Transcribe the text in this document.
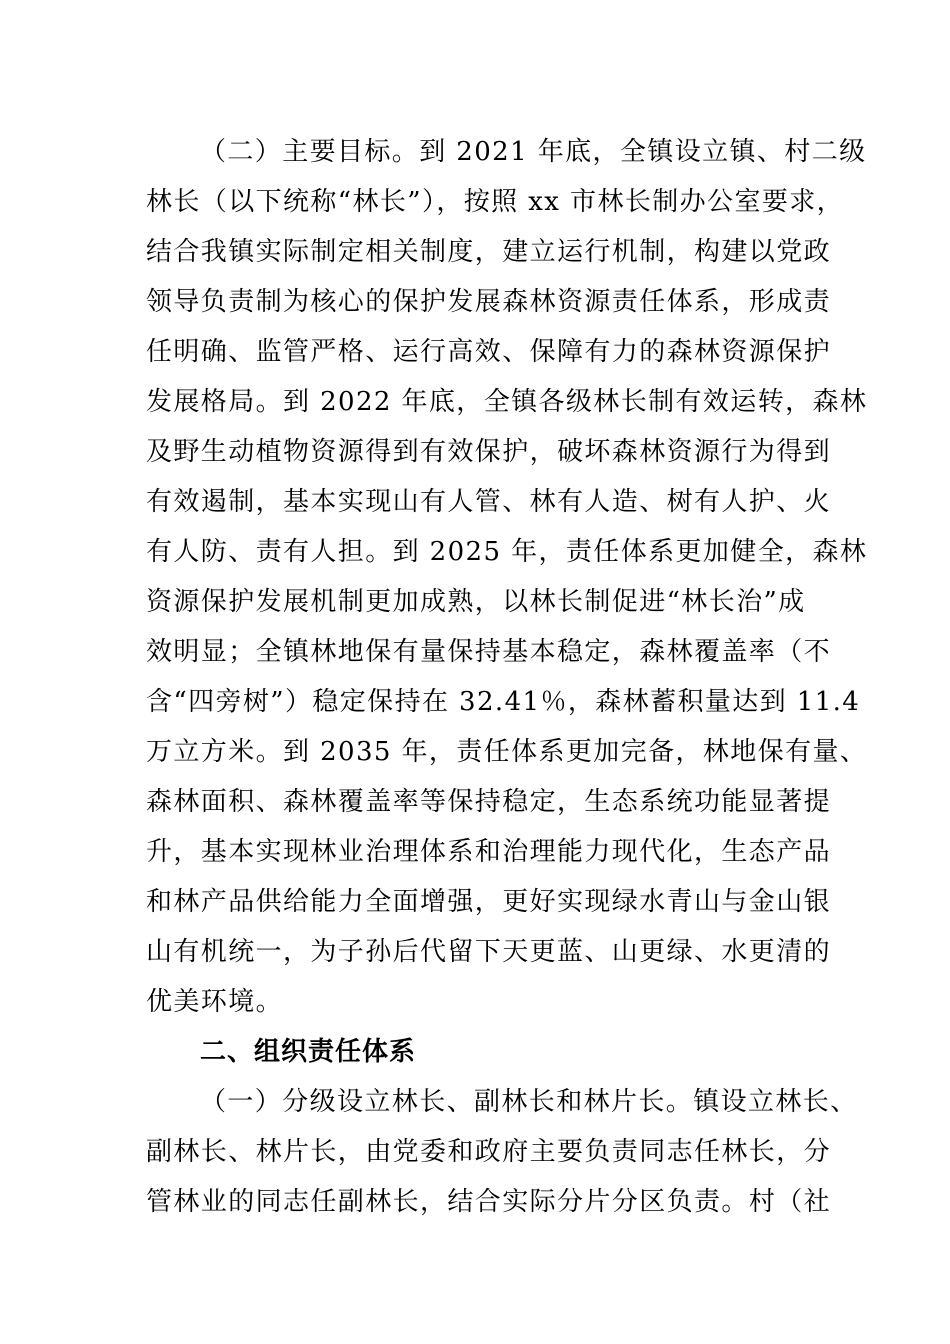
（二）主要目标。到 2021 年底，全镇设立镇、村二级
林长（以下统称“林长”），按照 xx 市林长制办公室要求，
结合我镇实际制定相关制度，建立运行机制，构建以党政
领导负责制为核心的保护发展森林资源责任体系，形成责
任明确、监管严格、运行高效、保障有力的森林资源保护
发展格局。到 2022 年底，全镇各级林长制有效运转，森林
及野生动植物资源得到有效保护，破坏森林资源行为得到
有效遏制，基本实现山有人管、林有人造、树有人护、火
有人防、责有人担。到 2025 年，责任体系更加健全，森林
资源保护发展机制更加成熟，以林长制促进“林长治”成
效明显；全镇林地保有量保持基本稳定，森林覆盖率（不
含“四旁树”）稳定保持在 32.41％，森林蓄积量达到 11.4
万立方米。到 2035 年，责任体系更加完备，林地保有量、
森林面积、森林覆盖率等保持稳定，生态系统功能显著提
升，基本实现林业治理体系和治理能力现代化，生态产品
和林产品供给能力全面增强，更好实现绿水青山与金山银
山有机统一，为子孙后代留下天更蓝、山更绿、水更清的
优美环境。
二、组织责任体系
（一）分级设立林长、副林长和林片长。镇设立林长、
副林长、林片长，由党委和政府主要负责同志任林长，分
管林业的同志任副林长，结合实际分片分区负责。村（社
